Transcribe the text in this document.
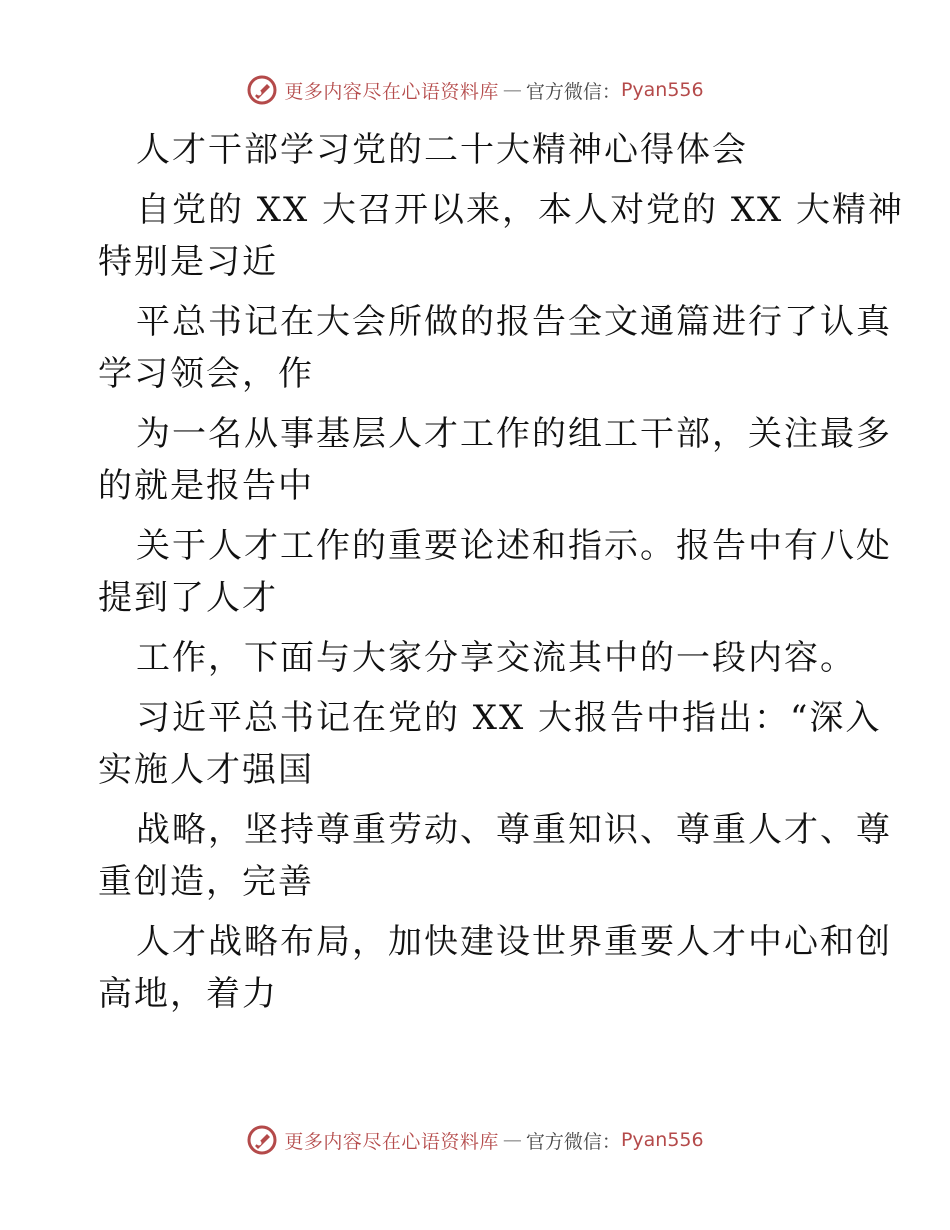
更多内容尽在心语资料库 — 官方微信： Pyan556
人才干部学习党的二十大精神心得体会
自党的 XX 大召开以来，本人对党的 XX 大精神
特别是习近
平总书记在大会所做的报告全文通篇进行了认真
学习领会，作
为一名从事基层人才工作的组工干部，关注最多
的就是报告中
关于人才工作的重要论述和指示。报告中有八处
提到了人才
工作，下面与大家分享交流其中的一段内容。
习近平总书记在党的 XX 大报告中指出：“深入
实施人才强国
战略，坚持尊重劳动、尊重知识、尊重人才、尊
重创造，完善
人才战略布局，加快建设世界重要人才中心和创
高地，着力
更多内容尽在心语资料库 — 官方微信： Pyan556
